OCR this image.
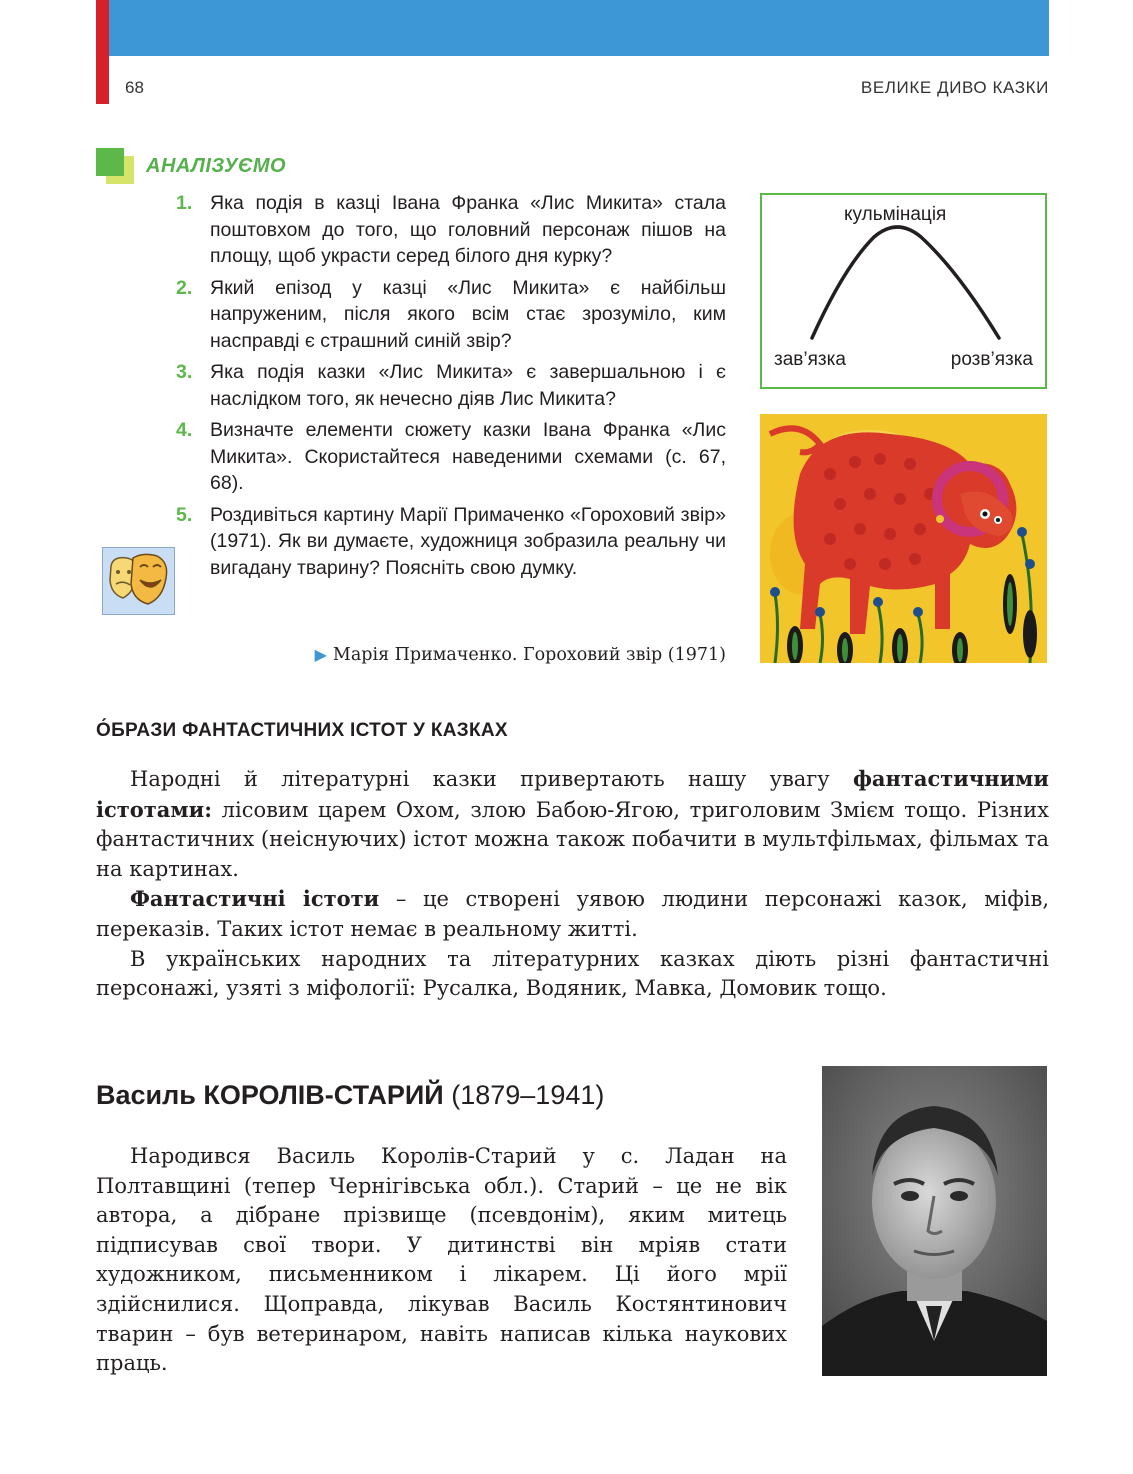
68	ВЕЛИКЕ ДИВО КАЗКИ
АНАЛІЗУЄМО
1. Яка подія в казці Івана Франка «Лис Микита» стала поштовхом до того, що головний персонаж пішов на площу, щоб украсти серед білого дня курку?
2. Який епізод у казці «Лис Микита» є найбільш напруженим, після якого всім стає зрозуміло, ким насправді є страшний синій звір?
3. Яка подія казки «Лис Микита» є завершальною і є наслідком того, як нечесно діяв Лис Микита?
4. Визначте елементи сюжету казки Івана Франка «Лис Микита». Скористайтеся наведеними схемами (с. 67, 68).
5. Роздивіться картину Марії Примаченко «Гороховий звір» (1971). Як ви думаєте, художниця зобразила реальну чи вигадану тварину? Поясніть свою думку.
▶ Марія Примаченко. Гороховий звір (1971)
кульмінація
зав’язка	розв’язка
О́БРАЗИ ФАНТАСТИЧНИХ ІСТОТ У КАЗКАХ

Народні й літературні казки привертають нашу увагу фантастичними істотами: лісовим царем Охом, злою Бабою-Ягою, триголовим Змієм тощо. Різних фантастичних (неіснуючих) істот можна також побачити в мультфільмах, фільмах та на картинах.

Фантастичні істоти – це створені уявою людини персонажі казок, міфів, переказів. Таких істот немає в реальному житті.

В українських народних та літературних казках діють різні фантастичні персонажі, узяті з міфології: Русалка, Водяник, Мавка, Домовик тощо.

Василь КОРОЛІВ-СТАРИЙ (1879–1941)

Народився Василь Королів-Старий у с. Ладан на Полтавщині (тепер Чернігівська обл.). Старий – це не вік автора, а дібране прізвище (псевдонім), яким митець підписував свої твори. У дитинстві він мріяв стати художником, письменником і лікарем. Ці його мрії здійснилися. Щоправда, лікував Василь Костянтинович тварин – був ветеринаром, навіть написав кілька наукових праць.
